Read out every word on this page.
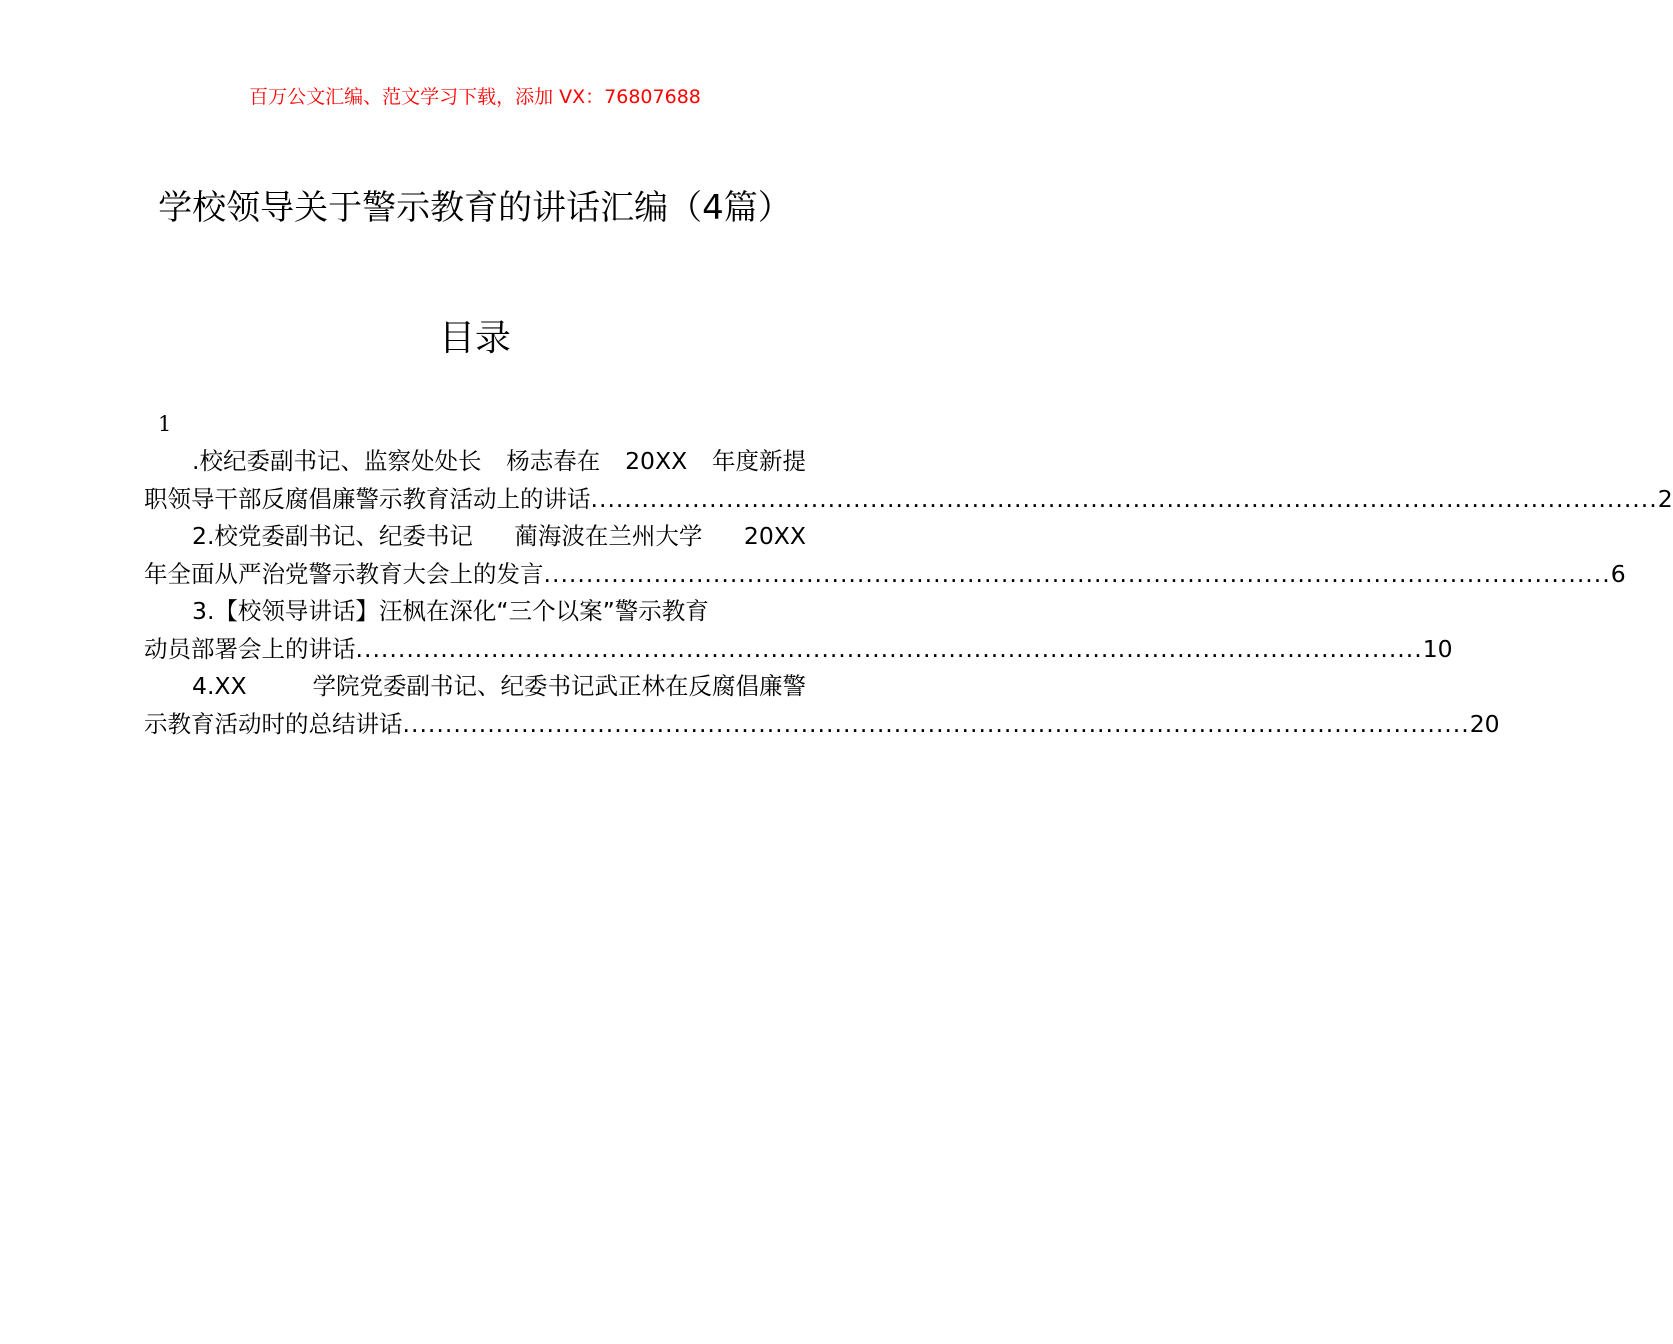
百万公文汇编、范文学习下载，添加 VX：76807688
学校领导关于警示教育的讲话汇编（4篇）
目录
1
.校纪委副书记、监察处处长 杨志春在 20XX 年度新提
职领导干部反腐倡廉警示教育活动上的讲话 .............................................................................................................................. 2
2.校党委副书记、纪委书记 蔺海波在兰州大学 20XX
年全面从严治党警示教育大会上的发言 .............................................................................................................................. 6
3.【校领导讲话】汪枫在深化“三个以案”警示教育
动员部署会上的讲话 .............................................................................................................................. 10
4.XX	学院党委副书记、纪委书记武正林在反腐倡廉警
示教育活动时的总结讲话 .............................................................................................................................. 20
